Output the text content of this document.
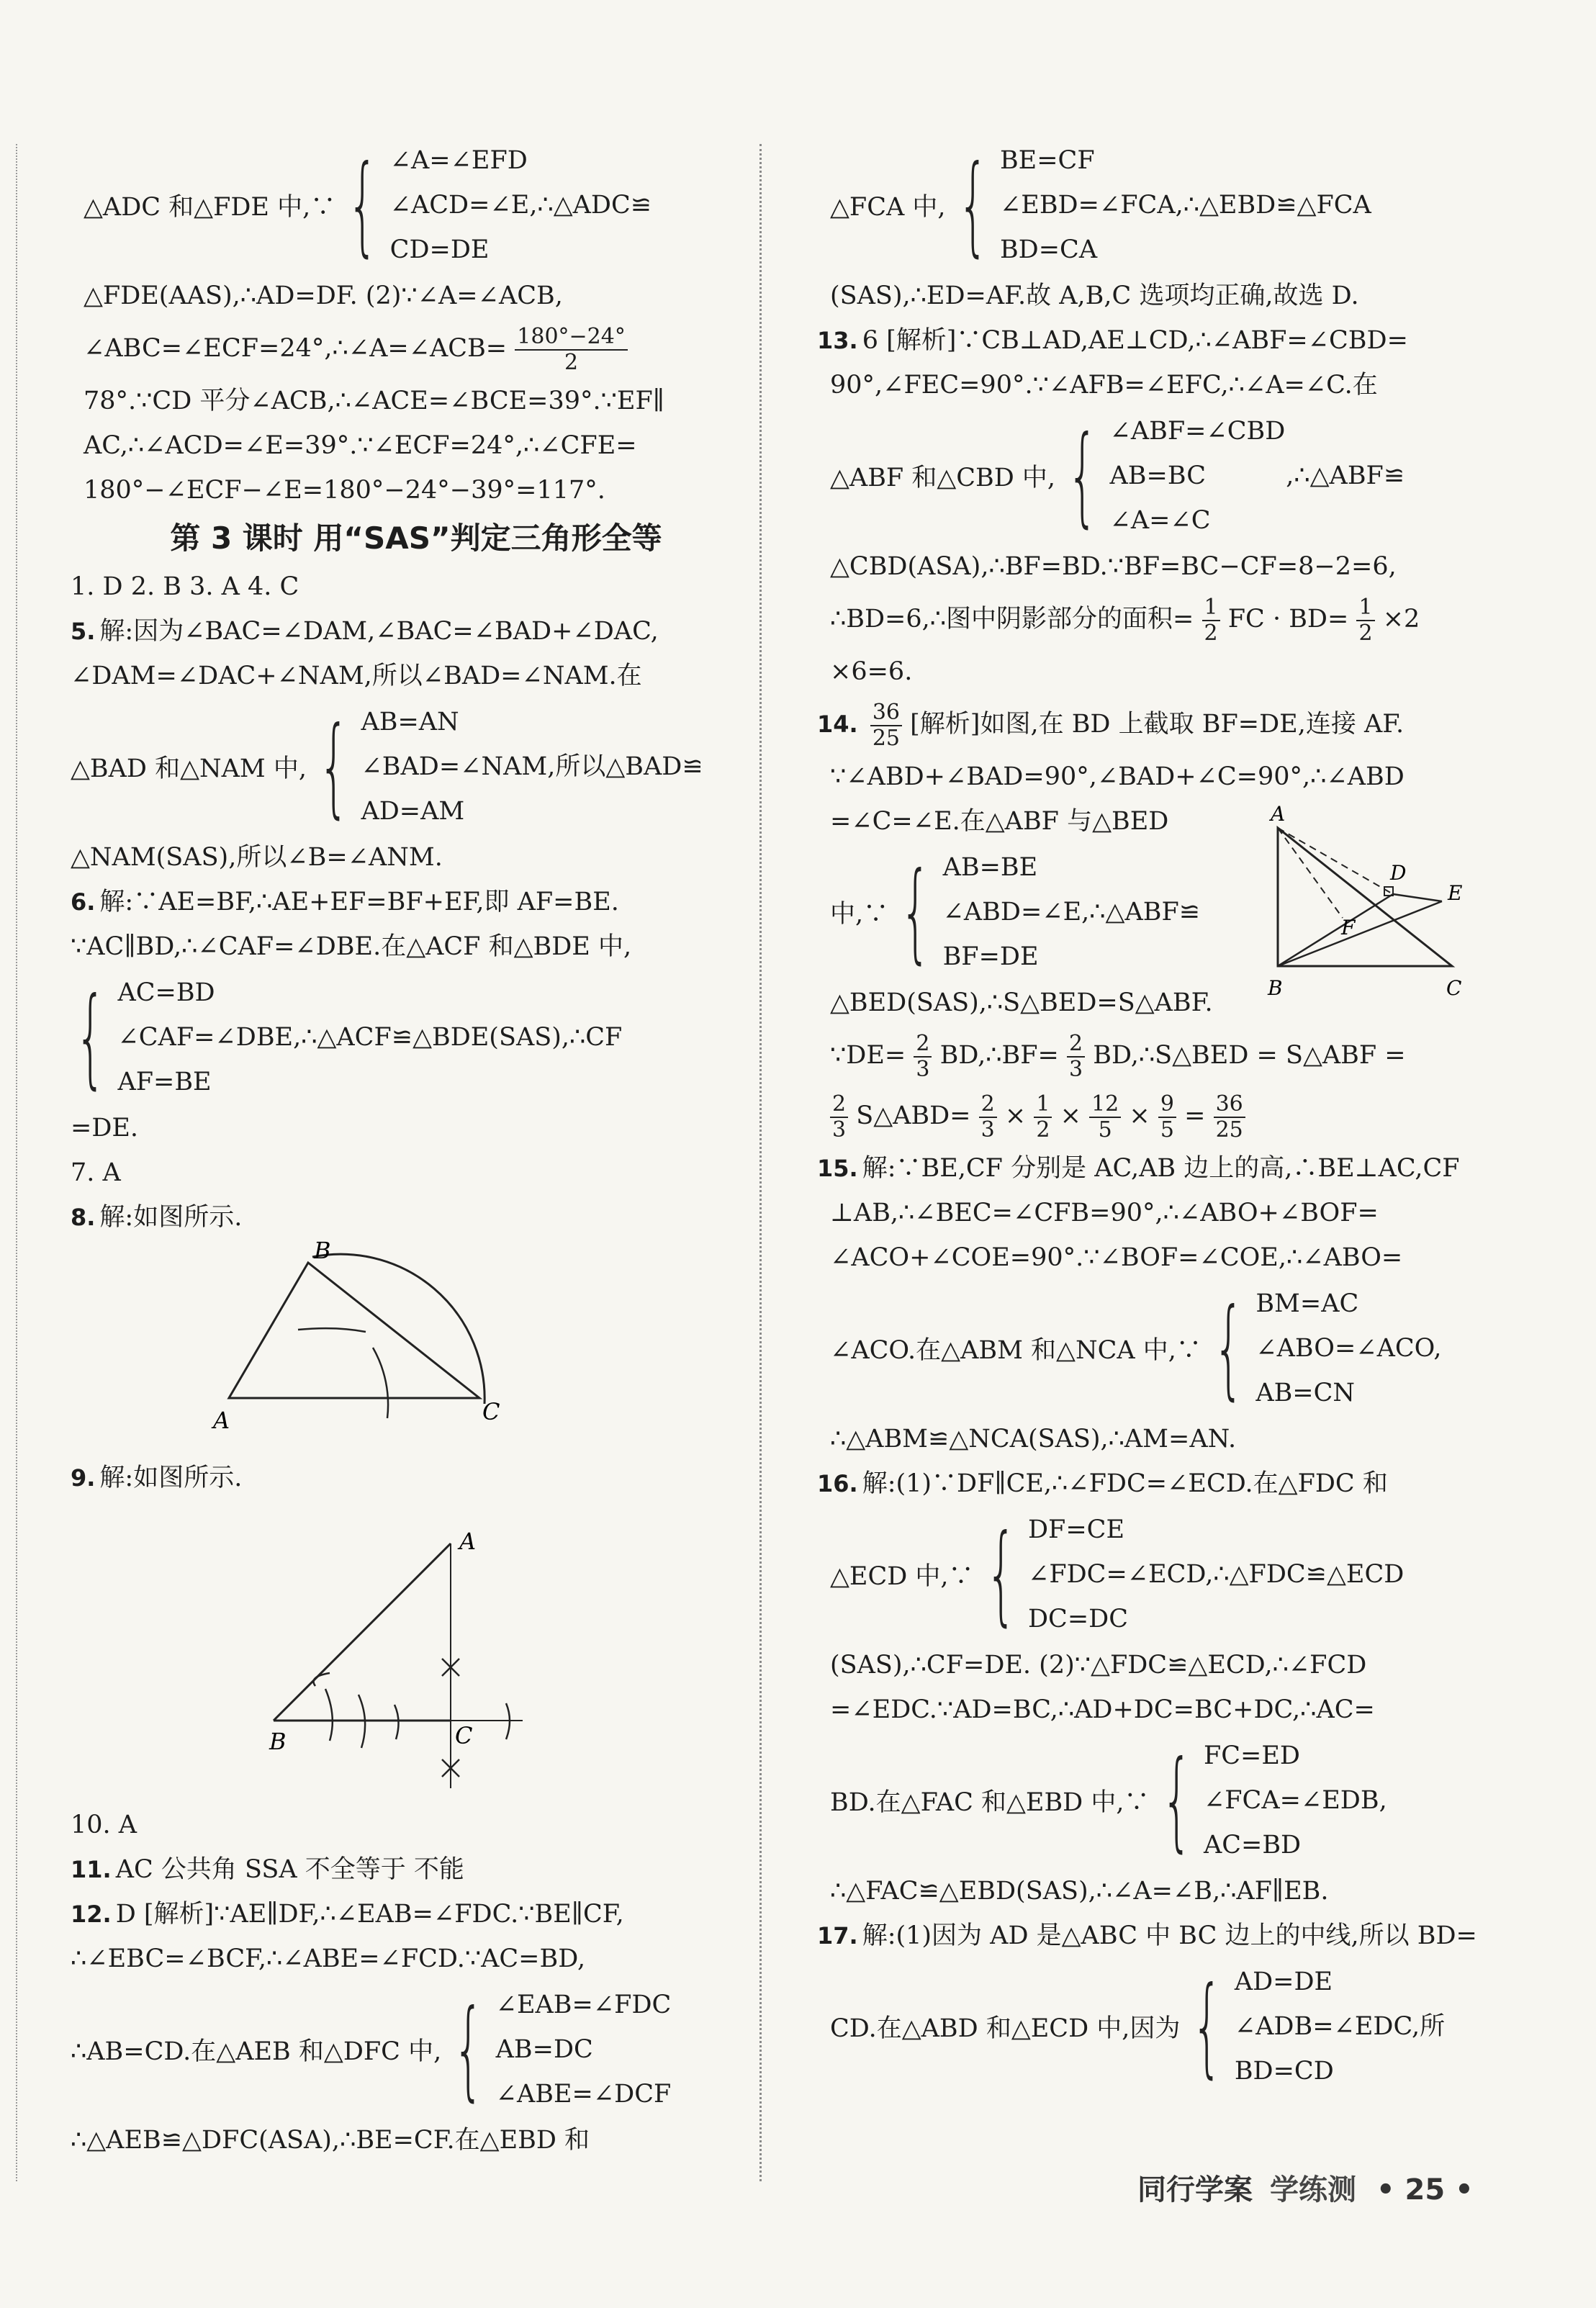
△ADC 和△FDE 中,∵ { ∠A=∠EFD
∠ACD=∠E,∴△ADC≌
CD=DE
△FDE(AAS),∴AD=DF. (2)∵∠A=∠ACB,
∠ABC=∠ECF=24°,∴∠A=∠ACB= $\frac{180^\circ-24^\circ}{2}$
78°.∵CD 平分∠ACB,∴∠ACE=∠BCE=39°.∵EF∥
AC,∴∠ACD=∠E=39°.∵∠ECF=24°,∴∠CFE=
180°−∠ECF−∠E=180°−24°−39°=117°.
第 3 课时 用“SAS”判定三角形全等
1. D 2. B 3. A 4. C
5. 解:因为∠BAC=∠DAM,∠BAC=∠BAD+∠DAC,
∠DAM=∠DAC+∠NAM,所以∠BAD=∠NAM.在
△BAD 和△NAM 中, { AB=AN
∠BAD=∠NAM,所以△BAD≌
AD=AM
△NAM(SAS),所以∠B=∠ANM.
6. 解:∵AE=BF,∴AE+EF=BF+EF,即 AF=BE.
∵AC∥BD,∴∠CAF=∠DBE.在△ACF 和△BDE 中,
{ AC=BD
∠CAF=∠DBE,∴△ACF≌△BDE(SAS),∴CF
AF=BE
=DE.
7. A
8. 解:如图所示.
B
A	C
9. 解:如图所示.
A
B	C
10. A
11. AC 公共角 SSA 不全等于 不能
12. D [解析]∵AE∥DF,∴∠EAB=∠FDC.∵BE∥CF,
∴∠EBC=∠BCF,∴∠ABE=∠FCD.∵AC=BD,
∴AB=CD.在△AEB 和△DFC 中, { ∠EAB=∠FDC
AB=DC
∠ABE=∠DCF
∴△AEB≌△DFC(ASA),∴BE=CF.在△EBD 和
△FCA 中, { BE=CF
∠EBD=∠FCA,∴△EBD≌△FCA
BD=CA
(SAS),∴ED=AF.故 A,B,C 选项均正确,故选 D.
13. 6 [解析]∵CB⊥AD,AE⊥CD,∴∠ABF=∠CBD=
90°,∠FEC=90°.∵∠AFB=∠EFC,∴∠A=∠C.在
△ABF 和△CBD 中, { ∠ABF=∠CBD
AB=BC          ,∴△ABF≌
∠A=∠C
△CBD(ASA),∴BF=BD.∵BF=BC−CF=8−2=6,
∴BD=6,∴图中阴影部分的面积= $\frac{1}{2}$ FC · $BD= \frac{1}{2} \times 2$
×6=6.
14. $\frac{36}{25}$ [解析]如图,在 BD 上截取 BF=DE,连接 AF.
∵∠ABD+∠BAD=90°,∠BAD+∠C=90°,∴∠ABD
=∠C=∠E.在△ABF 与△BED
中,∵ { AB=BE
∠ABD=∠E,∴△ABF≌
BF=DE
△BED(SAS),∴S△BED=S△ABF.
A
D
E
F
B	C
∵DE= $\frac{2}{3}$ BD,∴BF= $\frac{2}{3}$ BD,∴S△BED = S△ABF =
$\frac{2}{3}$ S△ABD= $\frac{2}{3} \times \frac{1}{2} \times \frac{12}{5} \times \frac{9}{5} = \frac{36}{25}$
15. 解:∵BE,CF 分别是 AC,AB 边上的高,∴BE⊥AC,CF
⊥AB,∴∠BEC=∠CFB=90°,∴∠ABO+∠BOF=
∠ACO+∠COE=90°.∵∠BOF=∠COE,∴∠ABO=
∠ACO.在△ABM 和△NCA 中,∵ { BM=AC
∠ABO=∠ACO,
AB=CN
∴△ABM≌△NCA(SAS),∴AM=AN.
16. 解:(1)∵DF∥CE,∴∠FDC=∠ECD.在△FDC 和
△ECD 中,∵ { DF=CE
∠FDC=∠ECD,∴△FDC≌△ECD
DC=DC
(SAS),∴CF=DE. (2)∵△FDC≌△ECD,∴∠FCD
=∠EDC.∵AD=BC,∴AD+DC=BC+DC,∴AC=
BD.在△FAC 和△EBD 中,∵ { FC=ED
∠FCA=∠EDB,
AC=BD
∴△FAC≌△EBD(SAS),∴∠A=∠B,∴AF∥EB.
17. 解:(1)因为 AD 是△ABC 中 BC 边上的中线,所以 BD=
CD.在△ABD 和△ECD 中,因为 { AD=DE
∠ADB=∠EDC,所
BD=CD
同行学案 学练测 • 25 •
